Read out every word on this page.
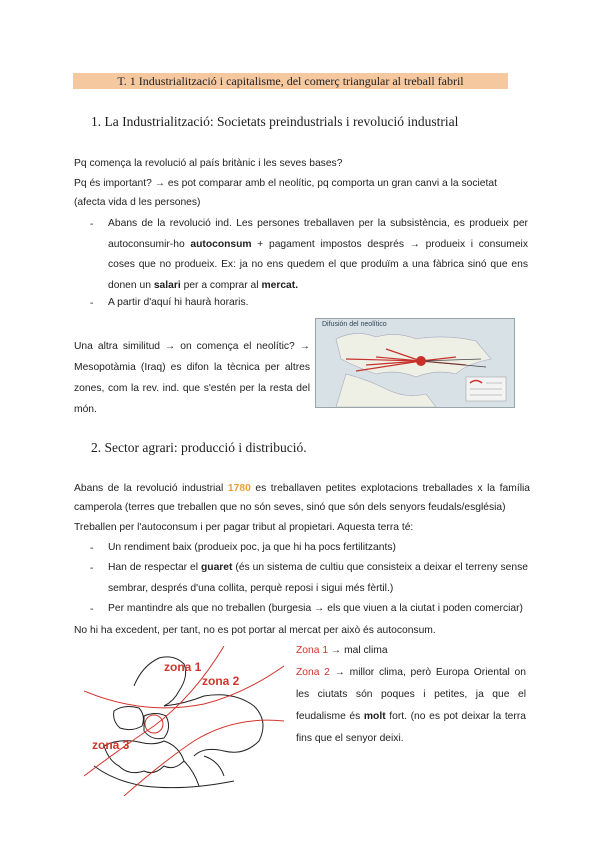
T. 1 Industrialització i capitalisme, del comerç triangular al treball fabril
1. La Industrialització: Societats preindustrials i revolució industrial
Pq comença la revolució al país britànic i les seves bases?
Pq és important? → es pot comparar amb el neolític, pq comporta un gran canvi a la societat (afecta vida d les persones)
- Abans de la revolució ind. Les persones treballaven per la subsistència, es produeix per autoconsumir-ho autoconsum + pagament impostos després → produeix i consumeix coses que no produeix. Ex: ja no ens quedem el que produïm a una fàbrica sinó que ens donen un salari per a comprar al mercat.
- A partir d'aquí hi haurà horaris.
Una altra similitud → on comença el neolític? → Mesopotàmia (Iraq) es difon la tècnica per altres zones, com la rev. ind. que s'estén per la resta del món.
Difusión del neolítico
2. Sector agrari: producció i distribució.
Abans de la revolució industrial 1780 es treballaven petites explotacions treballades x la família camperola (terres que treballen que no són seves, sinó que són dels senyors feudals/església)
Treballen per l'autoconsum i per pagar tribut al propietari. Aquesta terra té:
- Un rendiment baix (produeix poc, ja que hi ha pocs fertilitzants)
- Han de respectar el guaret (és un sistema de cultiu que consisteix a deixar el terreny sense sembrar, després d'una collita, perquè reposi i sigui més fèrtil.)
- Per mantindre als que no treballen (burgesia → els que viuen a la ciutat i poden comerciar)
No hi ha excedent, per tant, no es pot portar al mercat per això és autoconsum.
zona 1
zona 2
zona 3
Zona 1 → mal clima
Zona 2 → millor clima, però Europa Oriental on les ciutats són poques i petites, ja que el feudalisme és molt fort. (no es pot deixar la terra fins que el senyor deixi.
